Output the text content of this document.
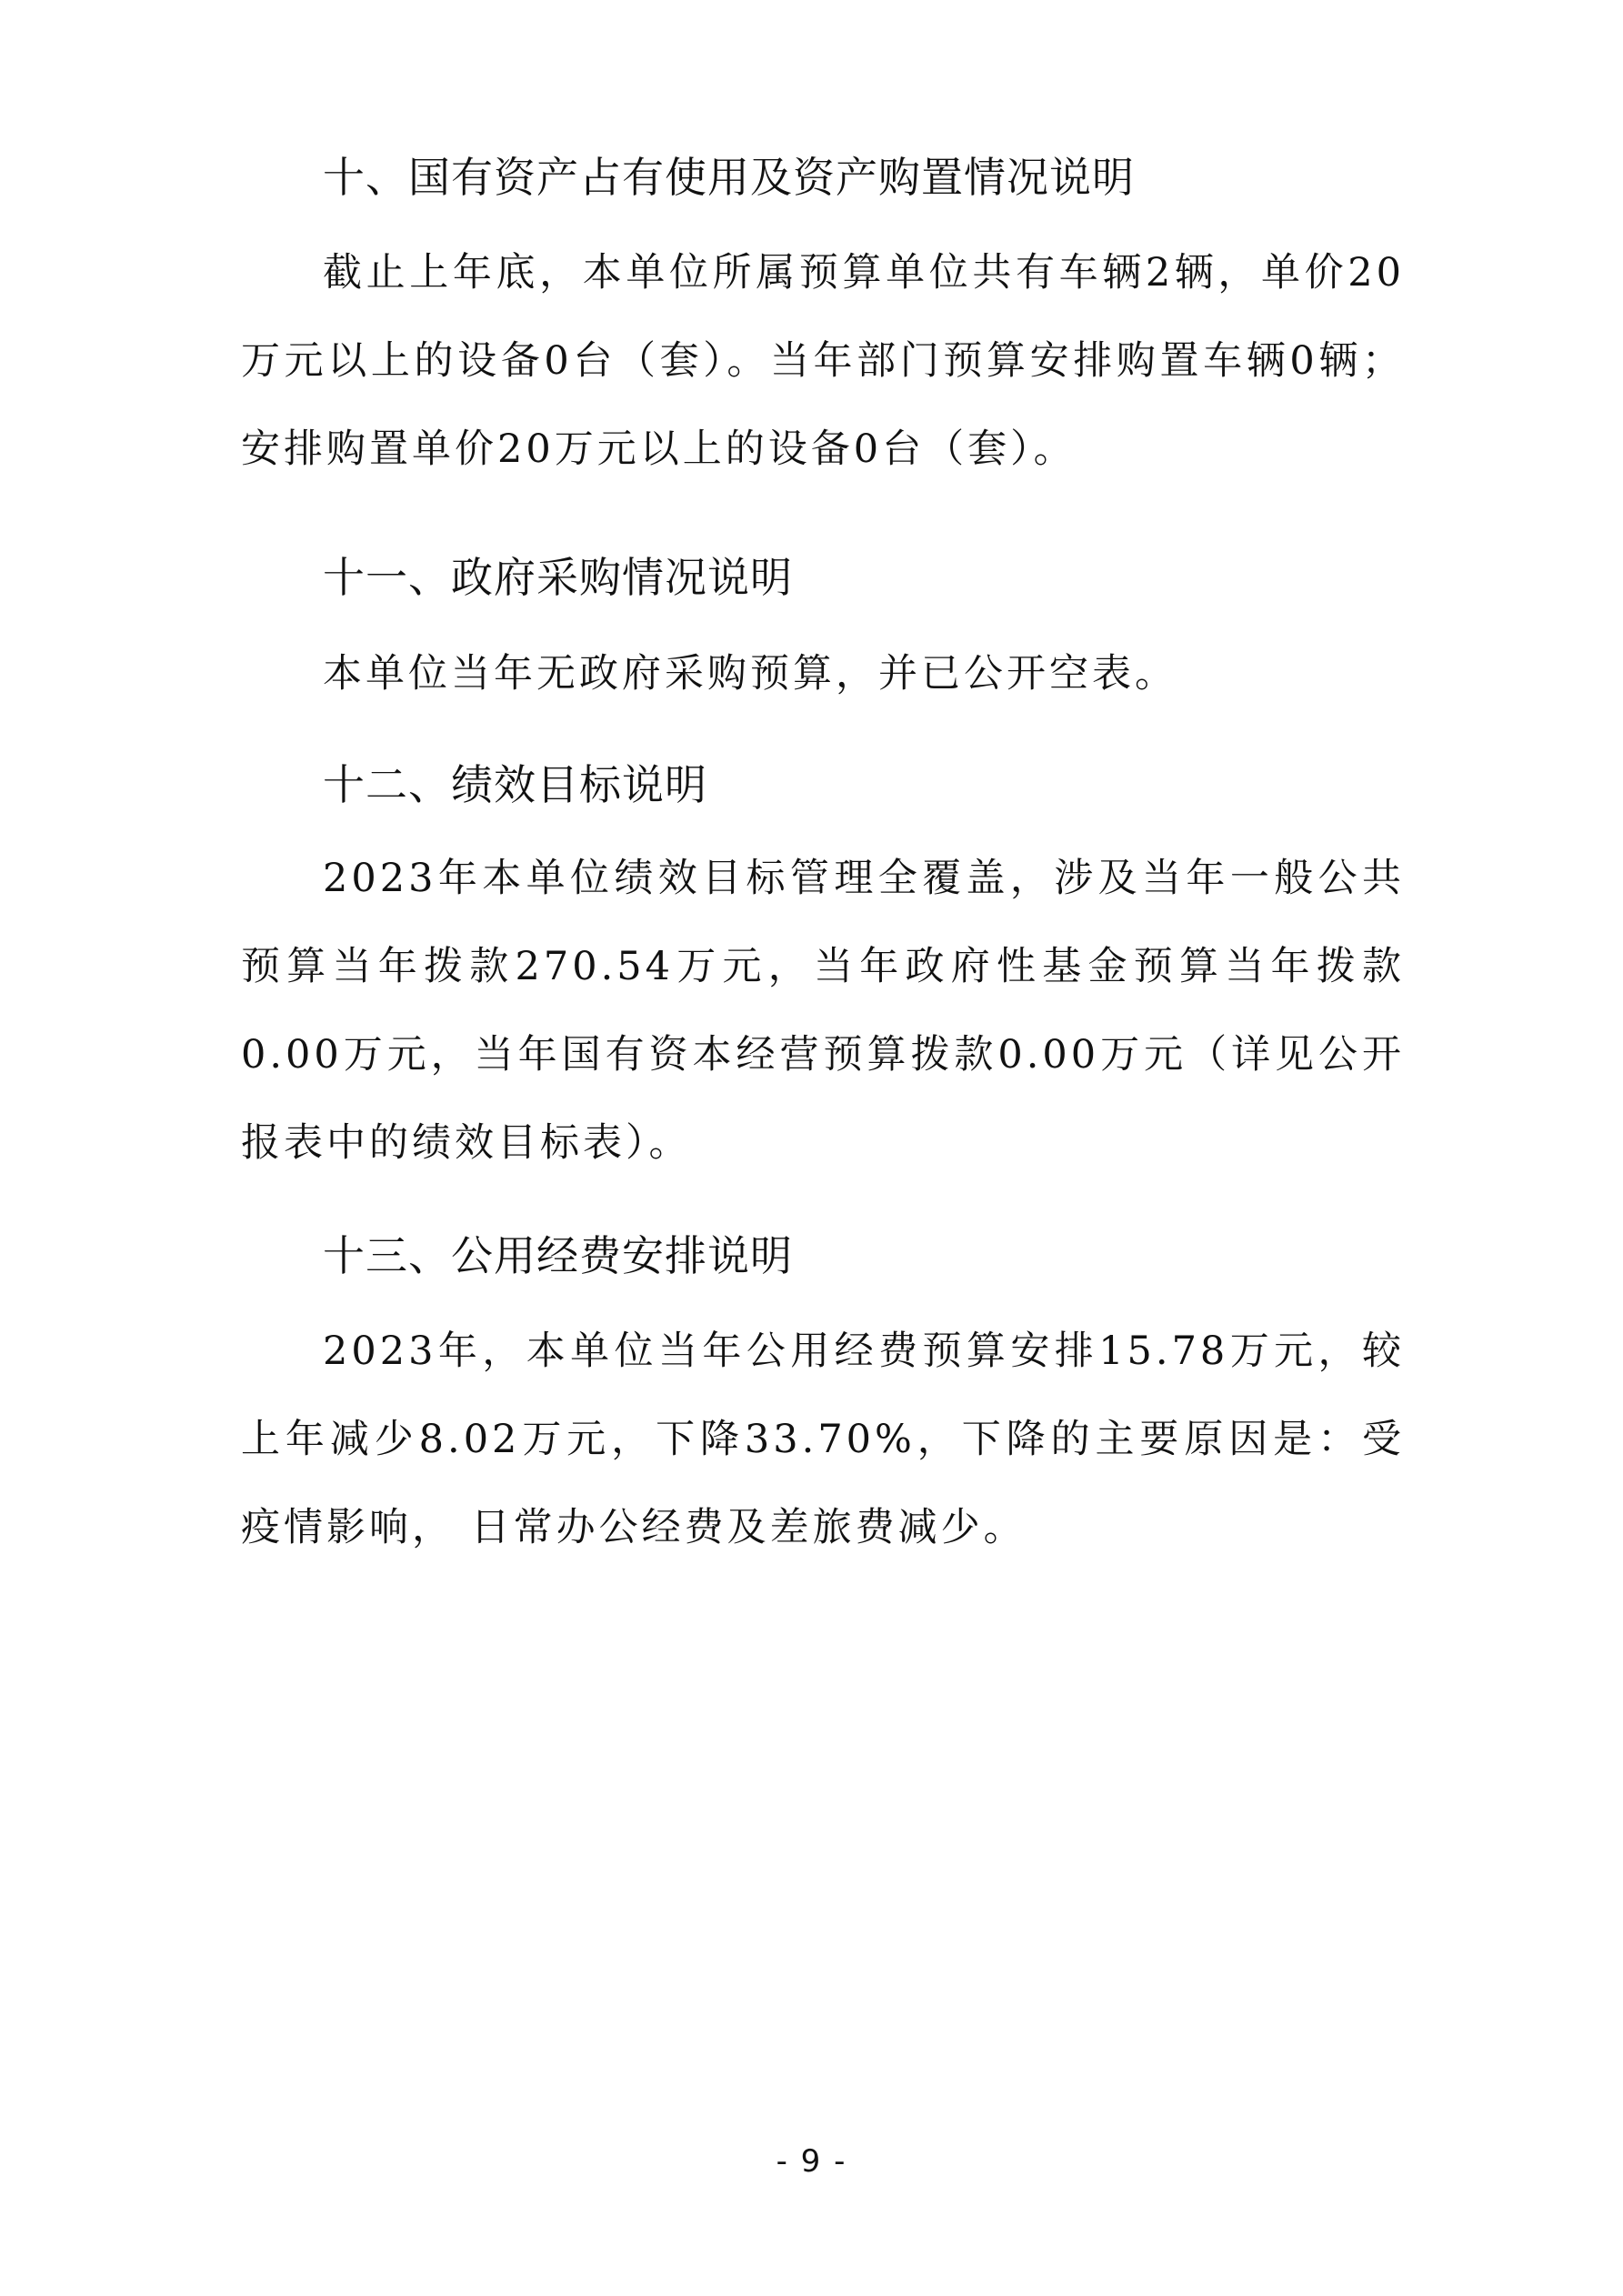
十、国有资产占有使用及资产购置情况说明

截止上年底，本单位所属预算单位共有车辆2辆，单价20万元以上的设备0台（套）。当年部门预算安排购置车辆0辆；安排购置单价20万元以上的设备0台（套）。

十一、政府采购情况说明

本单位当年无政府采购预算，并已公开空表。

十二、绩效目标说明

2023年本单位绩效目标管理全覆盖，涉及当年一般公共预算当年拨款270.54万元，当年政府性基金预算当年拨款0.00万元，当年国有资本经营预算拨款0.00万元（详见公开报表中的绩效目标表）。

十三、公用经费安排说明

2023年，本单位当年公用经费预算安排15.78万元，较上年减少8.02万元，下降33.70%，下降的主要原因是：受疫情影响， 日常办公经费及差旅费减少。

- 9 -
